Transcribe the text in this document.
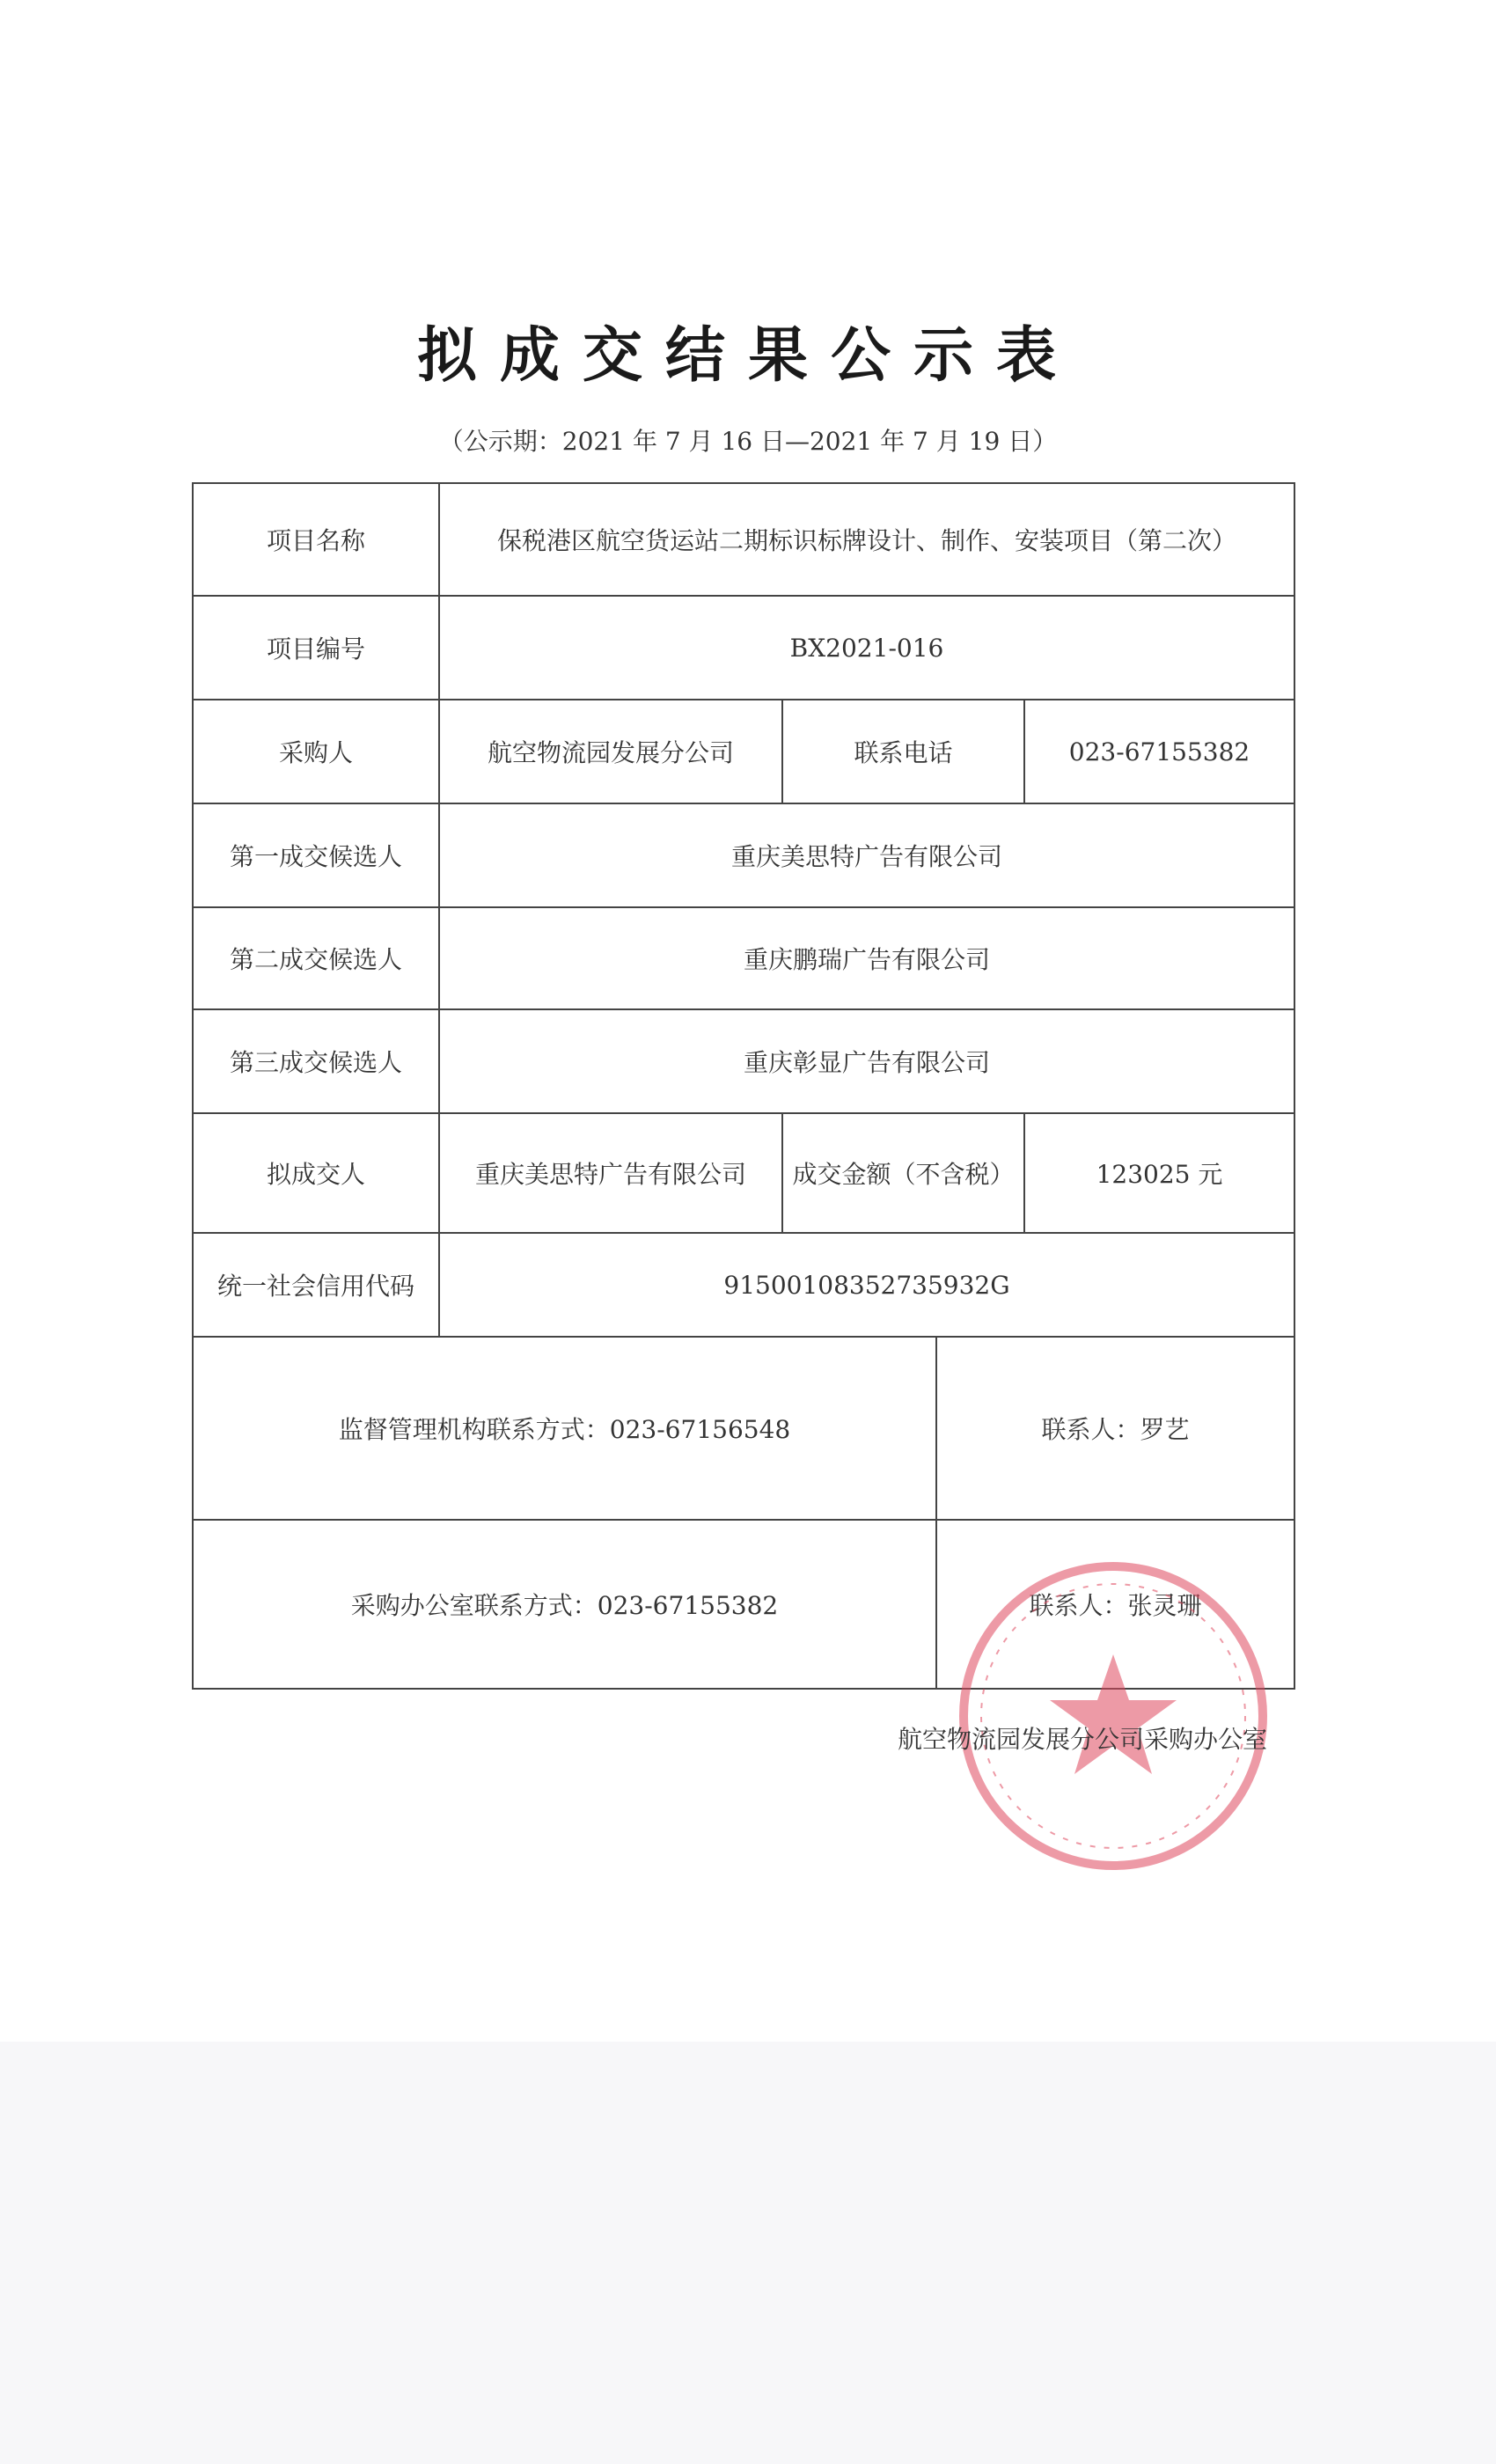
拟成交结果公示表
（公示期：2021 年 7 月 16 日—2021 年 7 月 19 日）
项目名称	保税港区航空货运站二期标识标牌设计、制作、安装项目（第二次）			
项目编号	BX2021-016			
采购人	航空物流园发展分公司	联系电话		023-67155382
第一成交候选人	重庆美思特广告有限公司			
第二成交候选人	重庆鹏瑞广告有限公司			
第三成交候选人	重庆彰显广告有限公司			
拟成交人	重庆美思特广告有限公司	成交金额（不含税）		123025 元
统一社会信用代码	91500108352735932G			
监督管理机构联系方式：023-67156548			联系人：罗艺	
采购办公室联系方式：023-67155382			联系人：张灵珊	
航空物流园发展分公司采购办公室
